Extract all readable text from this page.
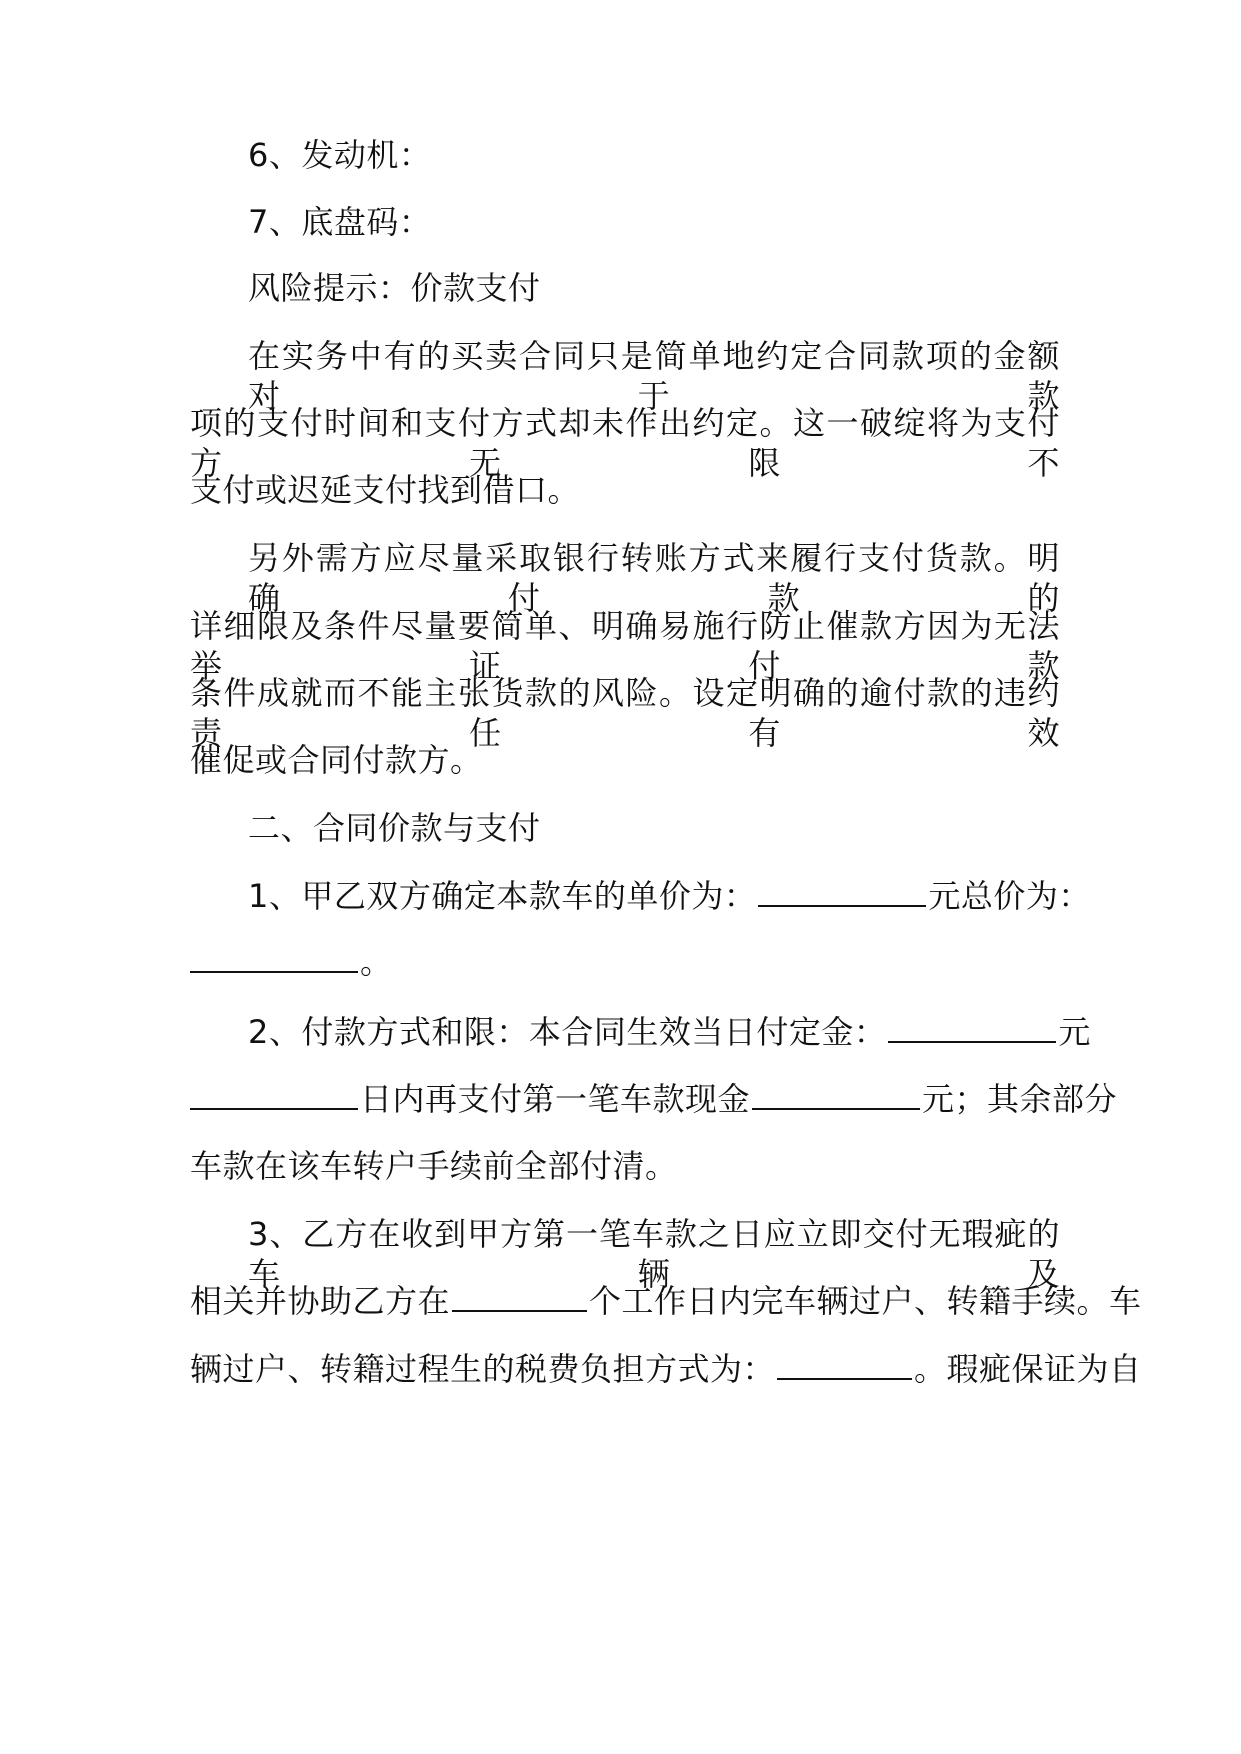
6、发动机：
7、底盘码：
风险提示：价款支付
在实务中有的买卖合同只是简单地约定合同款项的金额对于款
项的支付时间和支付方式却未作出约定。这一破绽将为支付方无限不
支付或迟延支付找到借口。
另外需方应尽量采取银行转账方式来履行支付货款。明确付款的
详细限及条件尽量要简单、明确易施行防止催款方因为无法举证付款
条件成就而不能主张货款的风险。设定明确的逾付款的违约责任有效
催促或合同付款方。
二、合同价款与支付
1、甲乙双方确定本款车的单价为：	元总价为：
。
2、付款方式和限：本合同生效当日付定金：	元
日内再支付第一笔车款现金	元；其余部分
车款在该车转户手续前全部付清。
3、乙方在收到甲方第一笔车款之日应立即交付无瑕疵的车辆及
相关并协助乙方在	个工作日内完车辆过户、转籍手续。车
辆过户、转籍过程生的税费负担方式为：	。瑕疵保证为自
